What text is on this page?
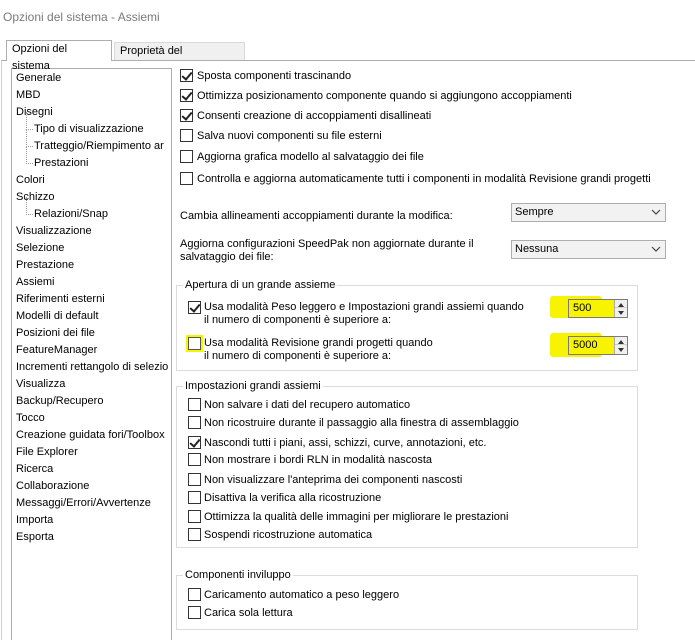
Opzioni del sistema - Assiemi
Opzioni del sistema
Proprietà del
Generale
MBD
Disegni
Tipo di visualizzazione
Tratteggio/Riempimento ar
Prestazioni
Colori
Schizzo
Relazioni/Snap
Visualizzazione
Selezione
Prestazione
Assiemi
Riferimenti esterni
Modelli di default
Posizioni dei file
FeatureManager
Incrementi rettangolo di selezio
Visualizza
Backup/Recupero
Tocco
Creazione guidata fori/Toolbox
File Explorer
Ricerca
Collaborazione
Messaggi/Errori/Avvertenze
Importa
Esporta
Sposta componenti trascinando
Ottimizza posizionamento componente quando si aggiungono accoppiamenti
Consenti creazione di accoppiamenti disallineati
Salva nuovi componenti su file esterni
Aggiorna grafica modello al salvataggio dei file
Controlla e aggiorna automaticamente tutti i componenti in modalità Revisione grandi progetti
Cambia allineamenti accoppiamenti durante la modifica:	Sempre
Aggiorna configurazioni SpeedPak non aggiornate durante il
salvataggio dei file:
Nessuna
Apertura di un grande assieme
Usa modalità Peso leggero e Impostazioni grandi assiemi quando
il numero di componenti è superiore a:
500
Usa modalità Revisione grandi progetti quando
il numero di componenti è superiore a:
5000
Impostazioni grandi assiemi
Non salvare i dati del recupero automatico
Non ricostruire durante il passaggio alla finestra di assemblaggio
Nascondi tutti i piani, assi, schizzi, curve, annotazioni, etc.
Non mostrare i bordi RLN in modalità nascosta
Non visualizzare l'anteprima dei componenti nascosti
Disattiva la verifica alla ricostruzione
Ottimizza la qualità delle immagini per migliorare le prestazioni
Sospendi ricostruzione automatica
Componenti inviluppo
Caricamento automatico a peso leggero
Carica sola lettura
